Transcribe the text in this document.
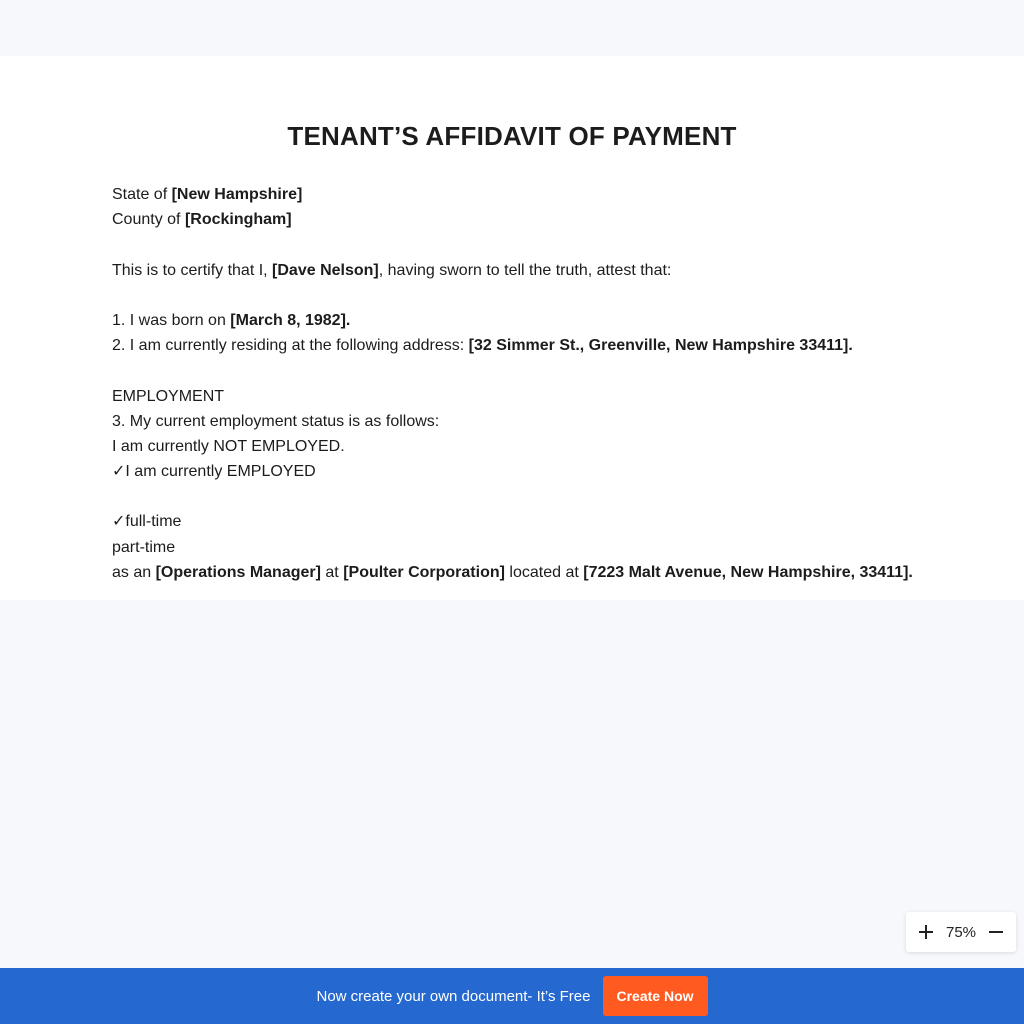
TENANT’S AFFIDAVIT OF PAYMENT
State of [New Hampshire]
County of [Rockingham]
This is to certify that I, [Dave Nelson], having sworn to tell the truth, attest that:
1. I was born on [March 8, 1982].
2. I am currently residing at the following address: [32 Simmer St., Greenville, New Hampshire 33411].
EMPLOYMENT
3. My current employment status is as follows:
I am currently NOT EMPLOYED.
✓I am currently EMPLOYED
✓full-time
part-time
as an [Operations Manager] at [Poulter Corporation] located at [7223 Malt Avenue, New Hampshire, 33411].
75%
Now create your own document- It’s Free	Create Now
